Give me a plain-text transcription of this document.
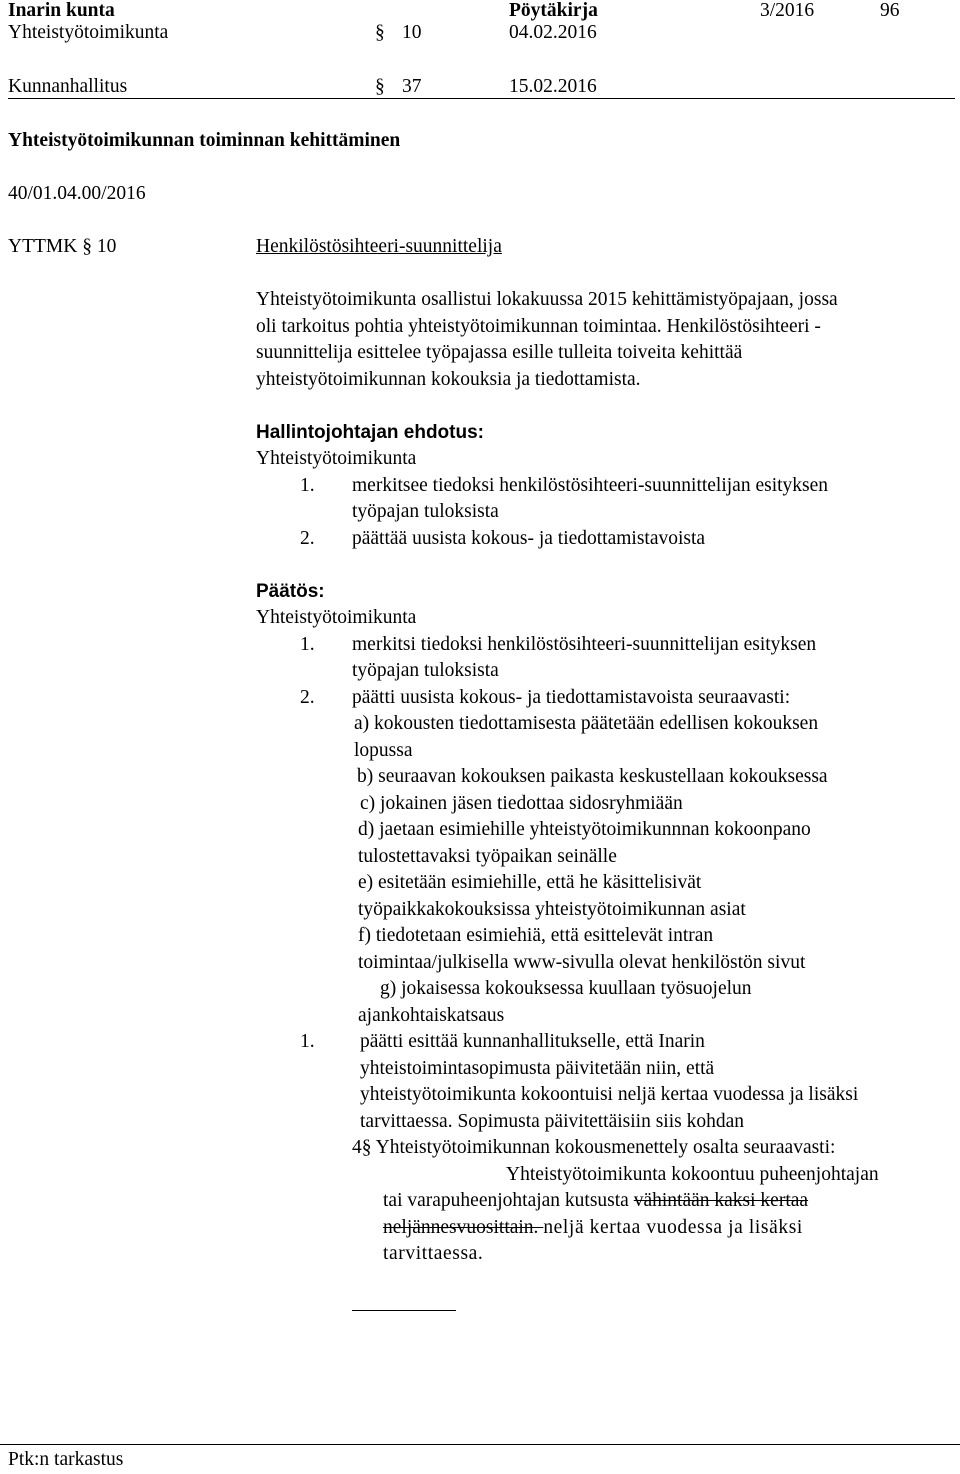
Inarin kunta	Pöytäkirja	3/2016	96
Yhteistyötoimikunta	§ 10	04.02.2016
Kunnanhallitus	§ 37	15.02.2016
Yhteistyötoimikunnan toiminnan kehittäminen
40/01.04.00/2016
YTTMK § 10	Henkilöstösihteeri-suunnittelija
Yhteistyötoimikunta osallistui lokakuussa 2015 kehittämistyöpajaan, jossa
oli tarkoitus pohtia yhteistyötoimikunnan toimintaa. Henkilöstösihteeri -
suunnittelija esittelee työpajassa esille tulleita toiveita kehittää
yhteistyötoimikunnan kokouksia ja tiedottamista.
Hallintojohtajan ehdotus:
Yhteistyötoimikunta
1. merkitsee tiedoksi henkilöstösihteeri-suunnittelijan esityksen
työpajan tuloksista
2. päättää uusista kokous- ja tiedottamistavoista
Päätös:
Yhteistyötoimikunta
1. merkitsi tiedoksi henkilöstösihteeri-suunnittelijan esityksen
työpajan tuloksista
2. päätti uusista kokous- ja tiedottamistavoista seuraavasti:
a) kokousten tiedottamisesta päätetään edellisen kokouksen
lopussa
b) seuraavan kokouksen paikasta keskustellaan kokouksessa
c) jokainen jäsen tiedottaa sidosryhmiään
d) jaetaan esimiehille yhteistyötoimikunnnan kokoonpano
tulostettavaksi työpaikan seinälle
e) esitetään esimiehille, että he käsittelisivät
työpaikkakokouksissa yhteistyötoimikunnan asiat
f) tiedotetaan esimiehiä, että esittelevät intran
toimintaa/julkisella www-sivulla olevat henkilöstön sivut
g) jokaisessa kokouksessa kuullaan työsuojelun
ajankohtaiskatsaus
1. päätti esittää kunnanhallitukselle, että Inarin
yhteistoimintasopimusta päivitetään niin, että
yhteistyötoimikunta kokoontuisi neljä kertaa vuodessa ja lisäksi
tarvittaessa. Sopimusta päivitettäisiin siis kohdan
4§ Yhteistyötoimikunnan kokousmenettely osalta seuraavasti:
Yhteistyötoimikunta kokoontuu puheenjohtajan
tai varapuheenjohtajan kutsusta vähintään kaksi kertaa
neljännesvuosittain. neljä kertaa vuodessa ja lisäksi
tarvittaessa.
Ptk:n tarkastus
